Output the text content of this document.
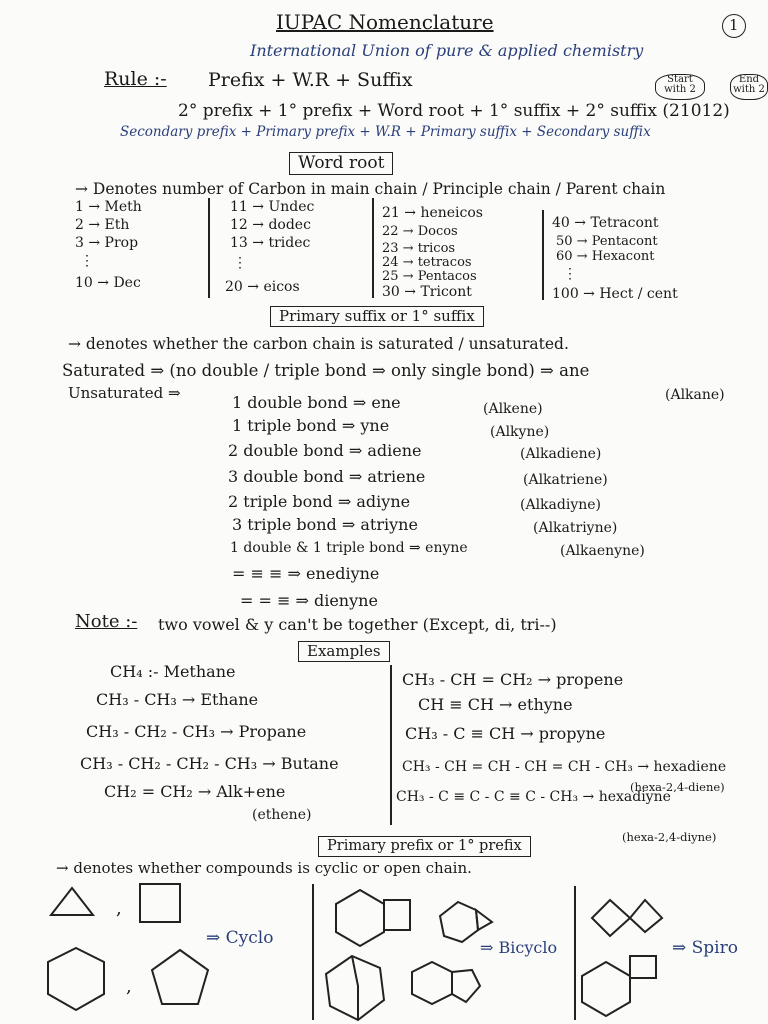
IUPAC Nomenclature	1
International Union of pure & applied chemistry
Rule :- Prefix + W.R + Suffix	Start with 2
End with 2
2° prefix + 1° prefix + Word root + 1° suffix + 2° suffix (21012)
Secondary prefix + Primary prefix + W.R + Primary suffix + Secondary suffix
Word root
→ Denotes number of Carbon in main chain / Principle chain / Parent chain
1 → Meth
2 → Eth
3 → Prop
⋮
10 → Dec
11 → Undec
12 → dodec
13 → tridec
⋮
20 → eicos
21 → heneicos
22 → Docos
23 → tricos
24 → tetracos
25 → Pentacos
30 → Tricont
40 → Tetracont
50 → Pentacont
60 → Hexacont
⋮
100 → Hect / cent
Primary suffix or 1° suffix
→ denotes whether the carbon chain is saturated / unsaturated.
Saturated ⇒ (no double / triple bond ⇒ only single bond) ⇒ ane
(Alkane)
Unsaturated ⇒	1 double bond ⇒ ene	(Alkene)
1 triple bond ⇒ yne	(Alkyne)
2 double bond ⇒ adiene	(Alkadiene)
3 double bond ⇒ atriene	(Alkatriene)
2 triple bond ⇒ adiyne	(Alkadiyne)
3 triple bond ⇒ atriyne	(Alkatriyne)
1 double & 1 triple bond ⇒ enyne	(Alkaenyne)
= ≡ ≡ ⇒ enediyne
= = ≡ ⇒ dienyne
Note :- two vowel & y can't be together (Except, di, tri--)
Examples
CH₄ :- Methane
CH₃ - CH₃ → Ethane
CH₃ - CH₂ - CH₃ → Propane
CH₃ - CH₂ - CH₂ - CH₃ → Butane
CH₂ = CH₂ → Alk+ene
(ethene)
CH₃ - CH = CH₂ → propene
CH ≡ CH → ethyne
CH₃ - C ≡ CH → propyne
CH₃ - CH = CH - CH = CH - CH₃ → hexadiene
(hexa-2,4-diene)
CH₃ - C ≡ C - C ≡ C - CH₃ → hexadiyne
(hexa-2,4-diyne)
Primary prefix or 1° prefix
→ denotes whether compounds is cyclic or open chain.
,
,
⇒ Cyclo	⇒ Bicyclo	⇒ Spiro
